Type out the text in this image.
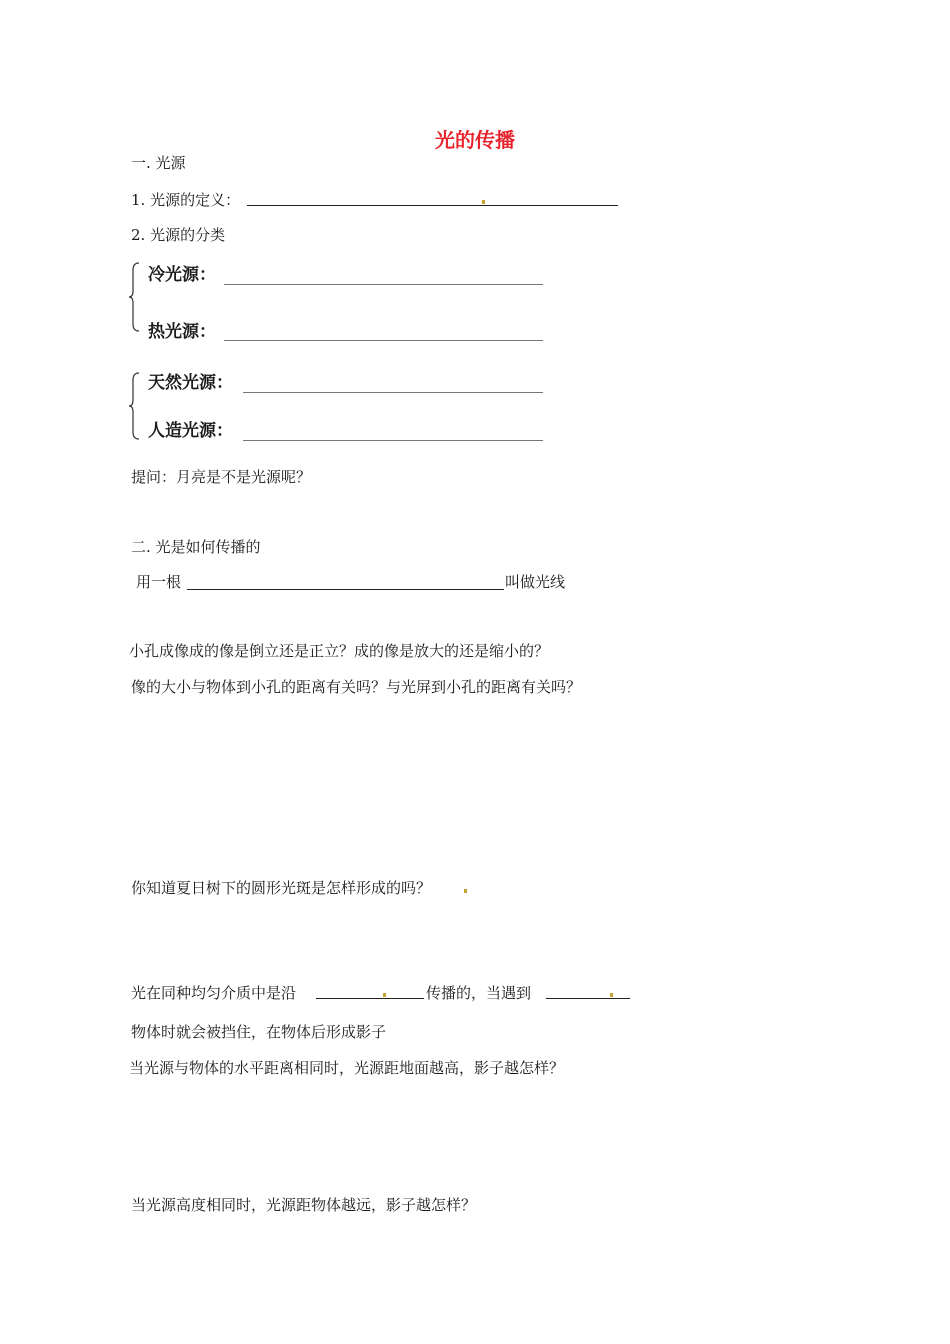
光的传播
一. 光源
1. 光源的定义：
2. 光源的分类
冷光源：
热光源：
天然光源：
人造光源：
提问：月亮是不是光源呢？
二. 光是如何传播的
用一根	叫做光线
小孔成像成的像是倒立还是正立？成的像是放大的还是缩小的？
像的大小与物体到小孔的距离有关吗？与光屏到小孔的距离有关吗？
你知道夏日树下的圆形光斑是怎样形成的吗？
光在同种均匀介质中是沿	传播的，当遇到
物体时就会被挡住，在物体后形成影子
当光源与物体的水平距离相同时，光源距地面越高，影子越怎样？
当光源高度相同时，光源距物体越远，影子越怎样？
